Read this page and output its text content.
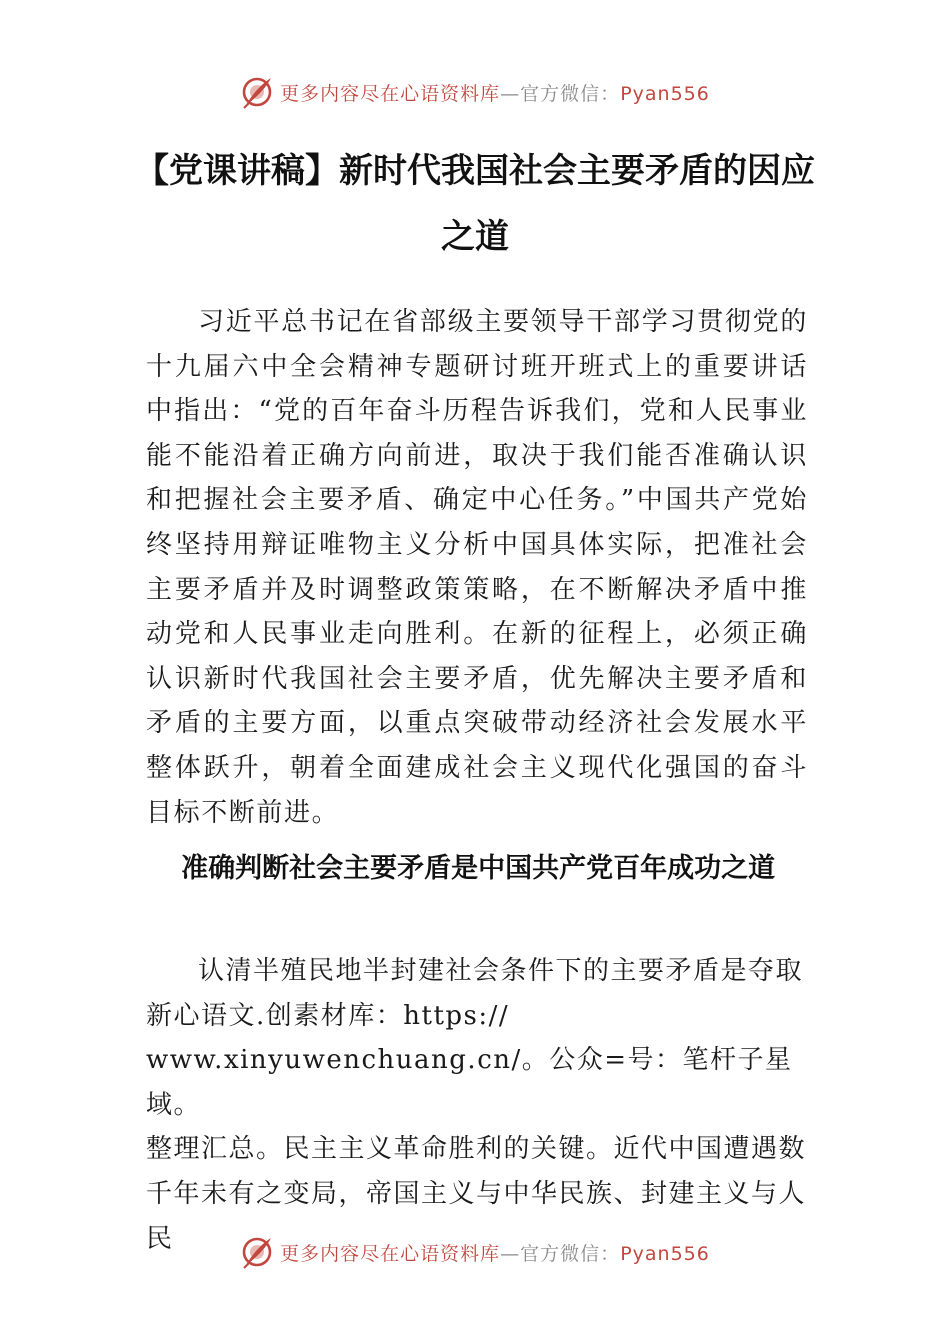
更多内容尽在心语资料库—官方微信：Pyan556
【党课讲稿】新时代我国社会主要矛盾的因应之道

习近平总书记在省部级主要领导干部学习贯彻党的十九届六中全会精神专题研讨班开班式上的重要讲话中指出：“党的百年奋斗历程告诉我们，党和人民事业能不能沿着正确方向前进，取决于我们能否准确认识和把握社会主要矛盾、确定中心任务。”中国共产党始终坚持用辩证唯物主义分析中国具体实际，把准社会主要矛盾并及时调整政策策略，在不断解决矛盾中推动党和人民事业走向胜利。在新的征程上，必须正确认识新时代我国社会主要矛盾，优先解决主要矛盾和矛盾的主要方面，以重点突破带动经济社会发展水平整体跃升，朝着全面建成社会主义现代化强国的奋斗目标不断前进。

准确判断社会主要矛盾是中国共产党百年成功之道

认清半殖民地半封建社会条件下的主要矛盾是夺取新心语文.创素材库：https://
www.xinyuwenchuang.cn/。公众=号：笔杆子星域。
整理汇总。民主主义革命胜利的关键。近代中国遭遇数千年未有之变局，帝国主义与中华民族、封建主义与人民	更多内容尽在心语资料库—官方微信：Pyan556
